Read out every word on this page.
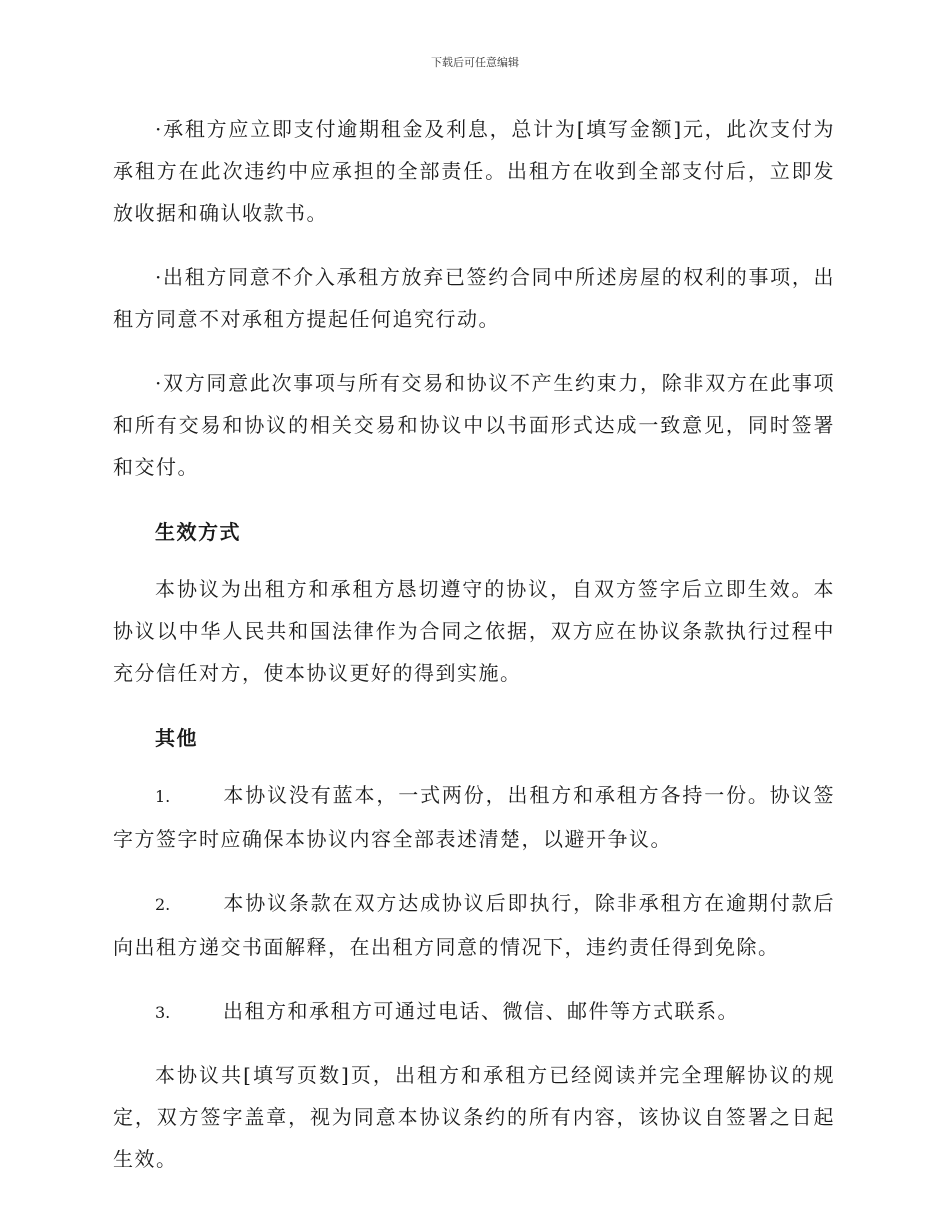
下载后可任意编辑

·承租方应立即支付逾期租金及利息，总计为[填写金额]元，此次支付为承租方在此次违约中应承担的全部责任。出租方在收到全部支付后，立即发放收据和确认收款书。

·出租方同意不介入承租方放弃已签约合同中所述房屋的权利的事项，出租方同意不对承租方提起任何追究行动。

·双方同意此次事项与所有交易和协议不产生约束力，除非双方在此事项和所有交易和协议的相关交易和协议中以书面形式达成一致意见，同时签署和交付。

生效方式

本协议为出租方和承租方恳切遵守的协议，自双方签字后立即生效。本协议以中华人民共和国法律作为合同之依据，双方应在协议条款执行过程中充分信任对方，使本协议更好的得到实施。

其他

1.	本协议没有蓝本，一式两份，出租方和承租方各持一份。协议签字方签字时应确保本协议内容全部表述清楚，以避开争议。

2.	本协议条款在双方达成协议后即执行，除非承租方在逾期付款后向出租方递交书面解释，在出租方同意的情况下，违约责任得到免除。

3.	出租方和承租方可通过电话、微信、邮件等方式联系。

本协议共[填写页数]页，出租方和承租方已经阅读并完全理解协议的规定，双方签字盖章，视为同意本协议条约的所有内容，该协议自签署之日起生效。
